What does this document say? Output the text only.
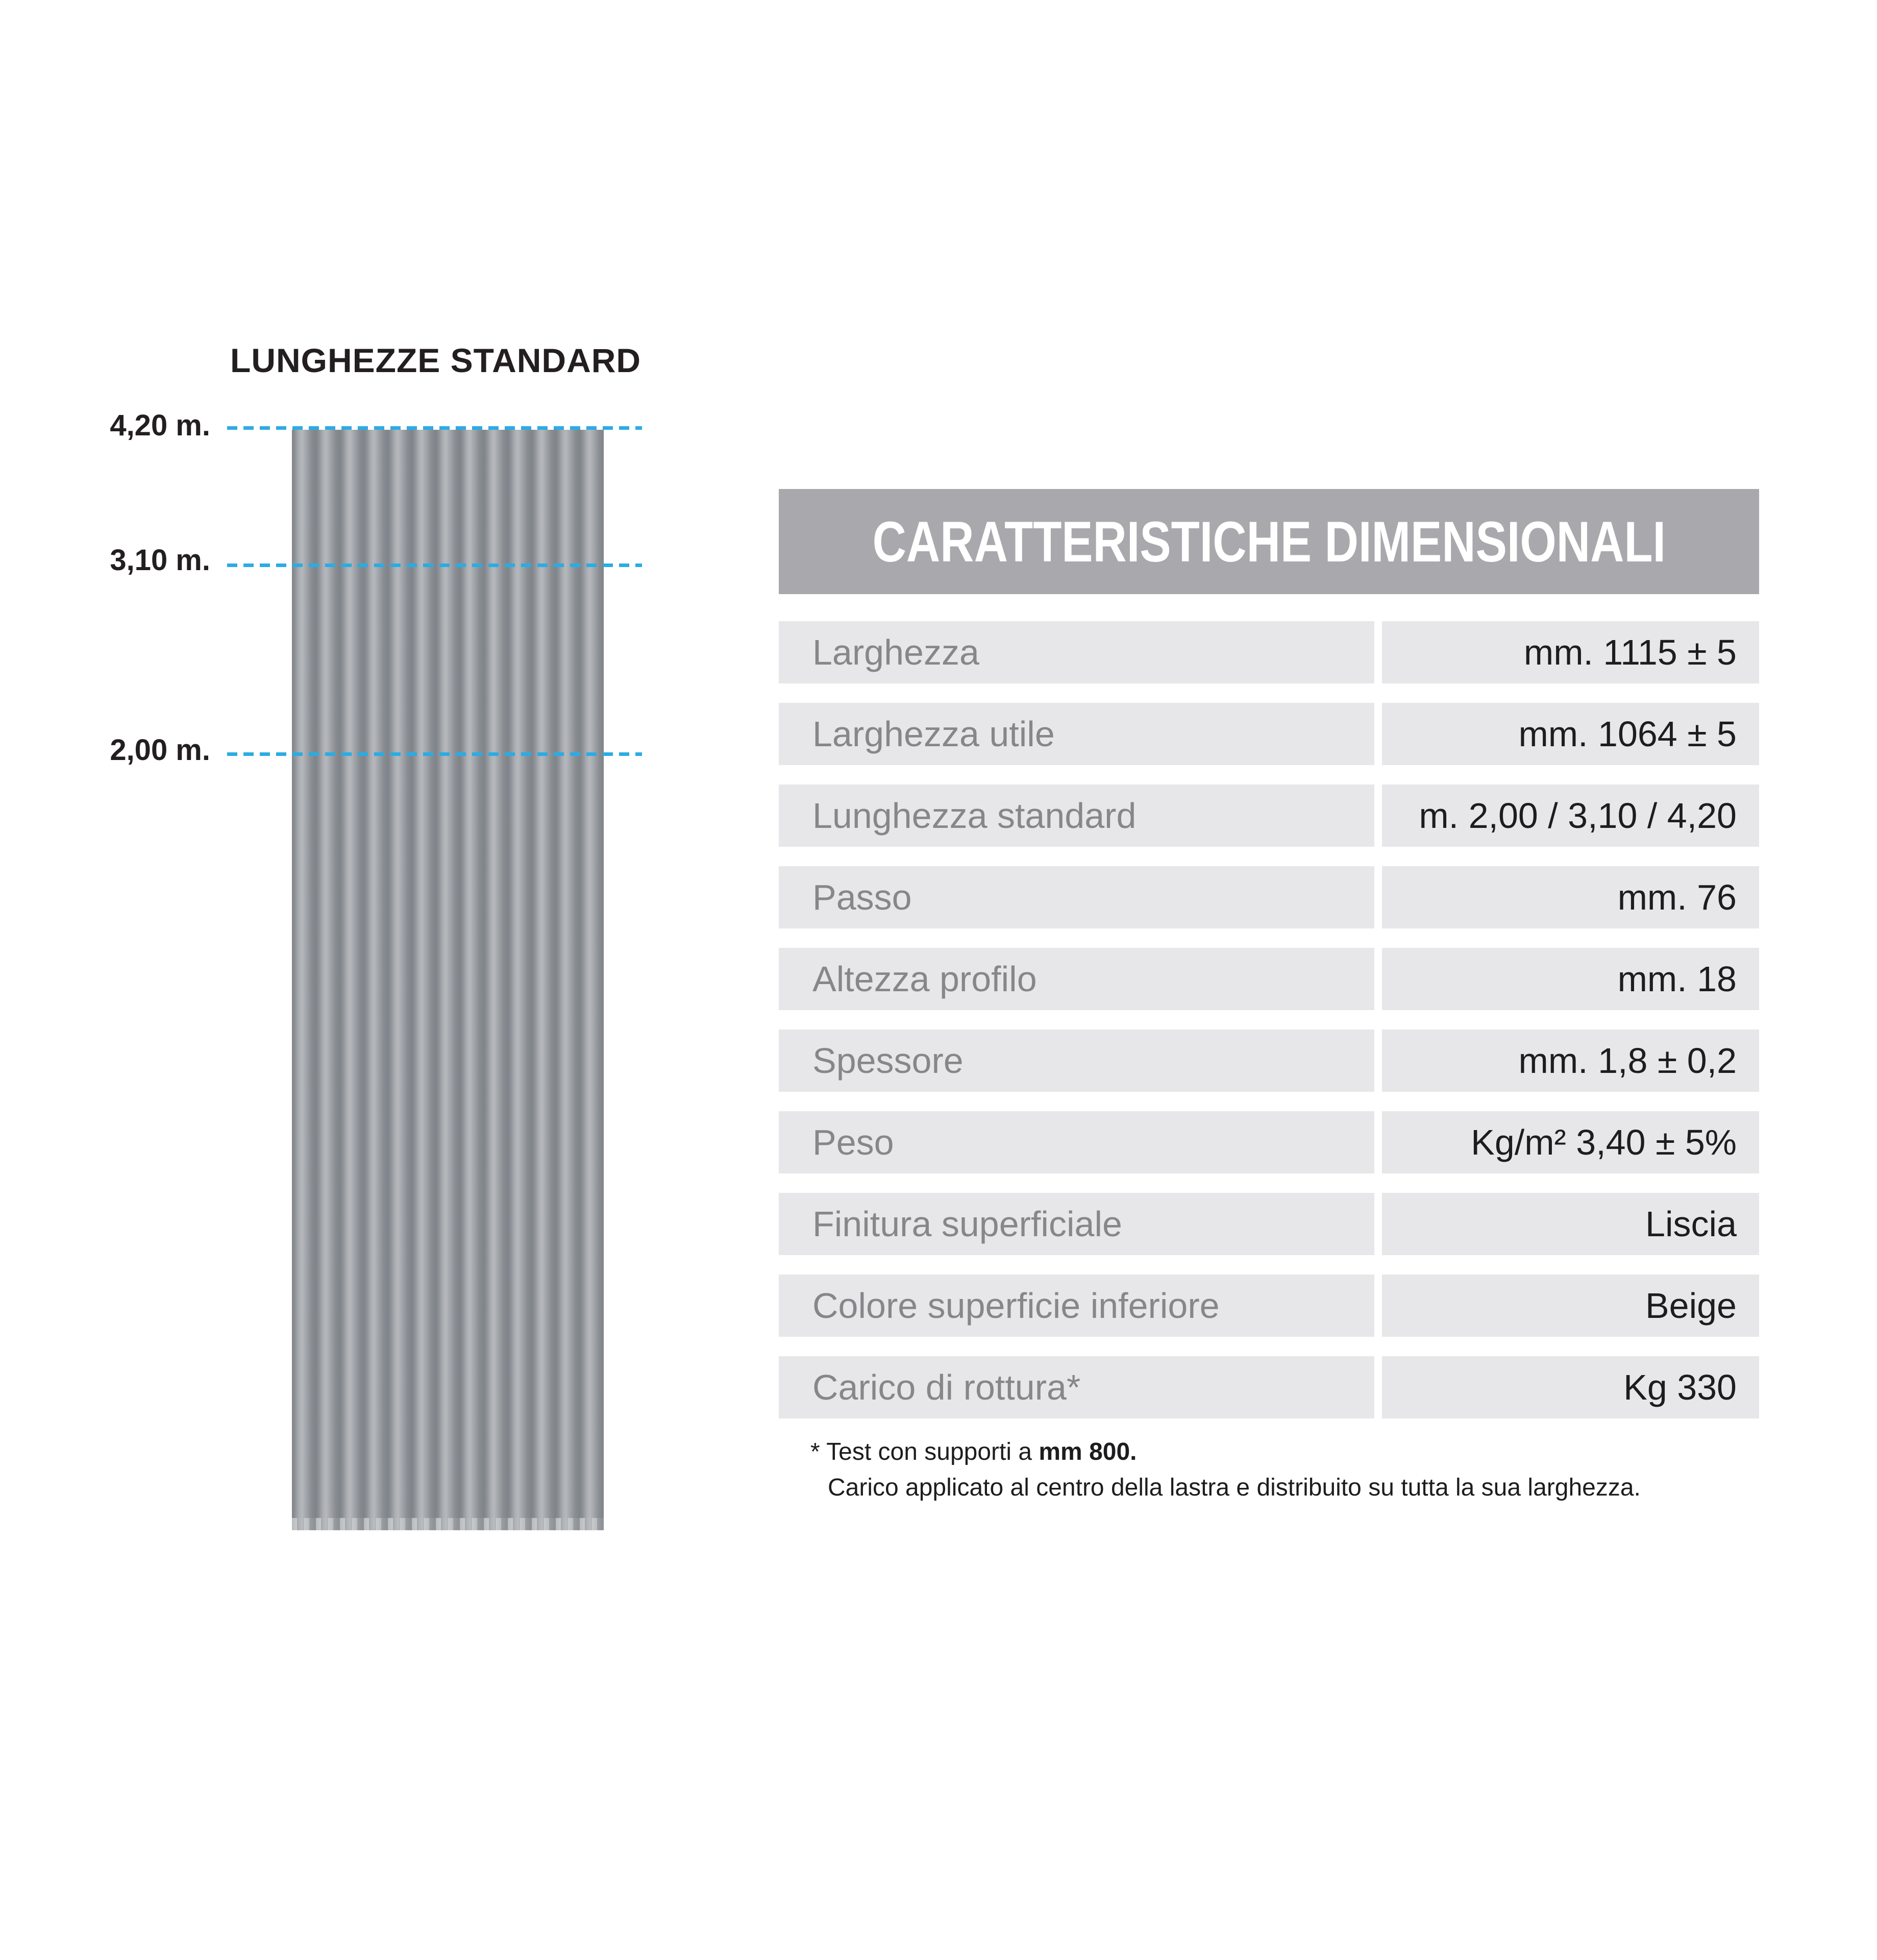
LUNGHEZZE STANDARD
4,20 m.
3,10 m.
2,00 m.
CARATTERISTICHE DIMENSIONALI
Larghezza	mm. 1115 ± 5
Larghezza utile	mm. 1064 ± 5
Lunghezza standard	m. 2,00 / 3,10 / 4,20
Passo	mm. 76
Altezza profilo	mm. 18
Spessore	mm. 1,8 ± 0,2
Peso	Kg/m² 3,40 ± 5%
Finitura superficiale	Liscia
Colore superficie inferiore	Beige
Carico di rottura*	Kg 330
* Test con supporti a mm 800.
Carico applicato al centro della lastra e distribuito su tutta la sua larghezza.
